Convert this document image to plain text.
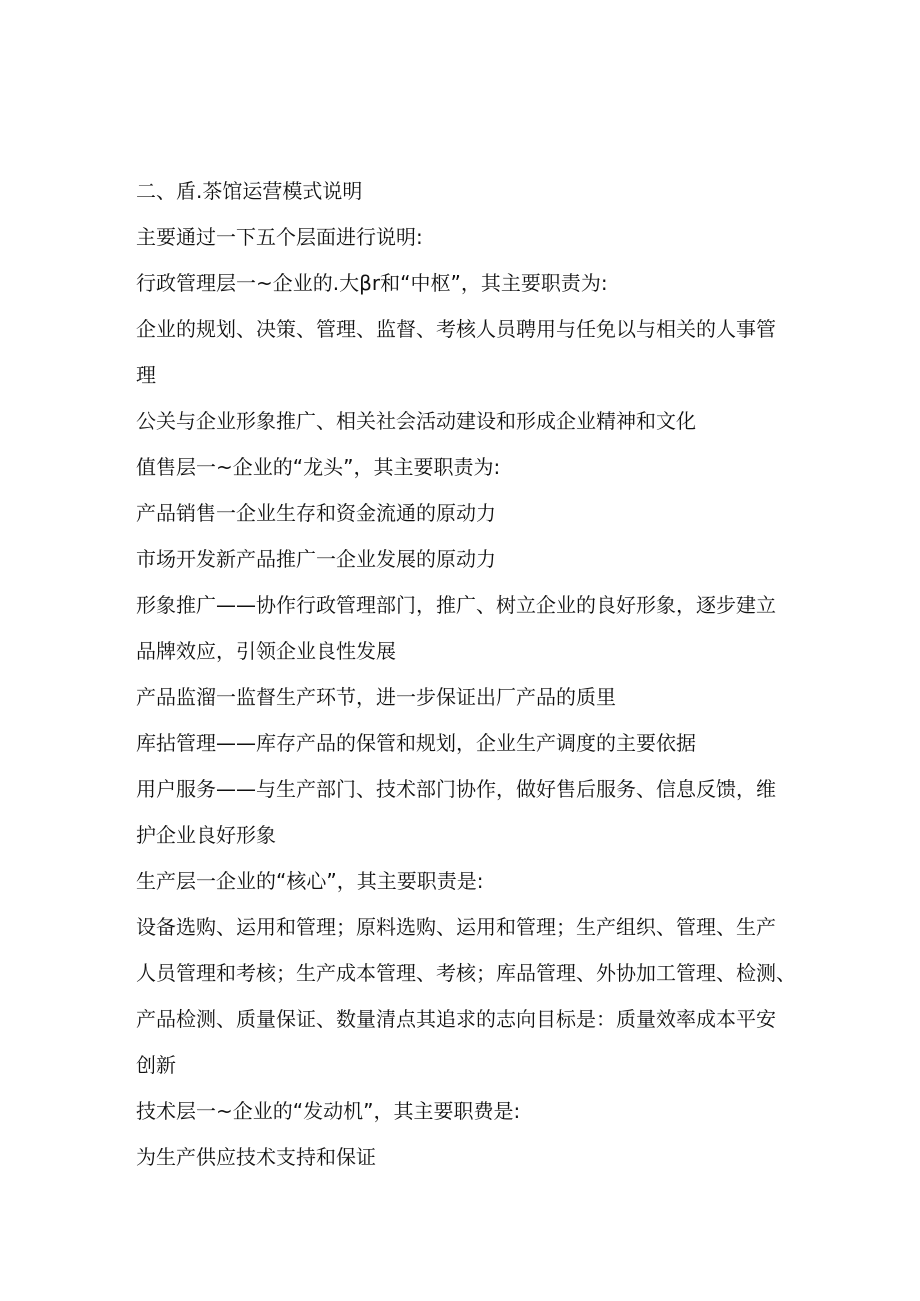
二、盾.茶馆运营模式说明
主要通过一下五个层面进行说明:
行政管理层一~企业的.大βr和“中枢”，其主要职责为:
企业的规划、决策、管理、监督、考核人员聘用与任免以与相关的人事管
理
公关与企业形象推广、相关社会活动建设和形成企业精神和文化
值售层一~企业的“龙头”，其主要职责为:
产品销售一企业生存和资金流通的原动力
市场开发新产品推广一企业发展的原动力
形象推广——协作行政管理部门，推广、树立企业的良好形象，逐步建立
品牌效应，引领企业良性发展
产品监溜一监督生产环节，进一步保证出厂产品的质里
库拈管理——库存产品的保管和规划，企业生产调度的主要依据
用户服务——与生产部门、技术部门协作，做好售后服务、信息反馈，维
护企业良好形象
生产层一企业的“核心”，其主要职责是:
设备选购、运用和管理；原料选购、运用和管理；生产组织、管理、生产
人员管理和考核；生产成本管理、考核；库品管理、外协加工管理、检测、
产品检测、质量保证、数量清点其追求的志向目标是：质量效率成本平安
创新
技术层一~企业的“发动机”，其主要职费是:
为生产供应技术支持和保证
